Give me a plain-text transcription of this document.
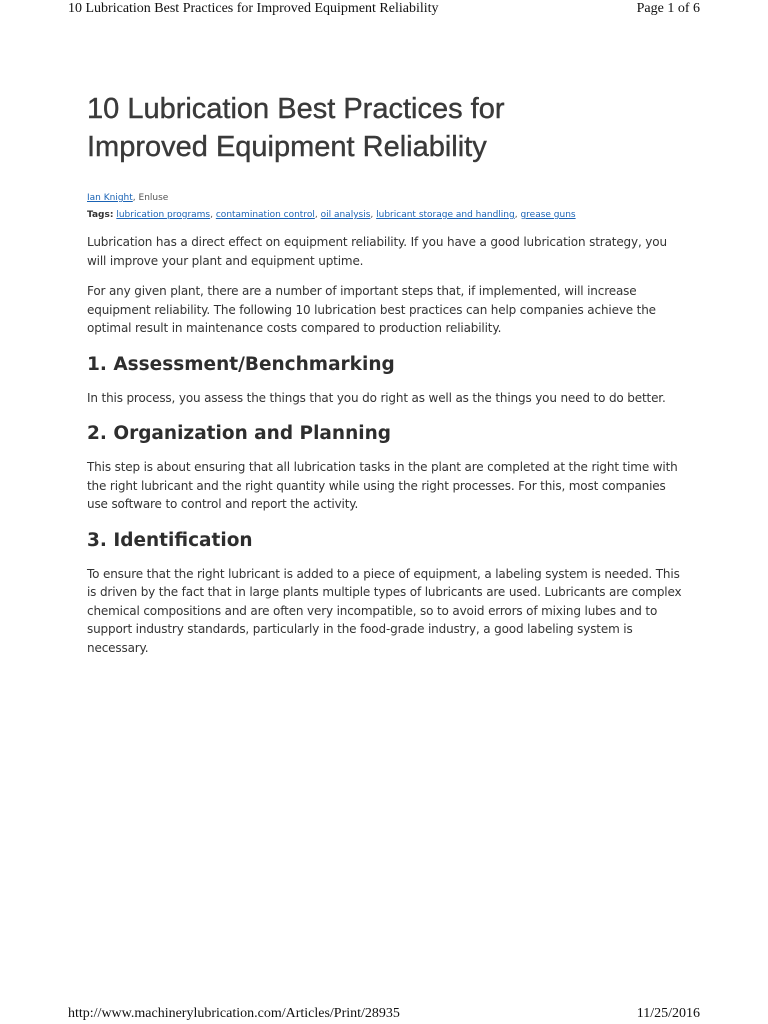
10 Lubrication Best Practices for Improved Equipment Reliability	Page 1 of 6
10 Lubrication Best Practices for
Improved Equipment Reliability

Ian Knight, Enluse

Tags: lubrication programs, contamination control, oil analysis, lubricant storage and handling, grease guns

Lubrication has a direct effect on equipment reliability. If you have a good lubrication strategy, you will improve your plant and equipment uptime.

For any given plant, there are a number of important steps that, if implemented, will increase equipment reliability. The following 10 lubrication best practices can help companies achieve the optimal result in maintenance costs compared to production reliability.

1. Assessment/Benchmarking

In this process, you assess the things that you do right as well as the things you need to do better.

2. Organization and Planning

This step is about ensuring that all lubrication tasks in the plant are completed at the right time with the right lubricant and the right quantity while using the right processes. For this, most companies use software to control and report the activity.

3. Identification

To ensure that the right lubricant is added to a piece of equipment, a labeling system is needed. This is driven by the fact that in large plants multiple types of lubricants are used. Lubricants are complex chemical compositions and are often very incompatible, so to avoid errors of mixing lubes and to support industry standards, particularly in the food-grade industry, a good labeling system is necessary.

http://www.machinerylubrication.com/Articles/Print/28935	11/25/2016
